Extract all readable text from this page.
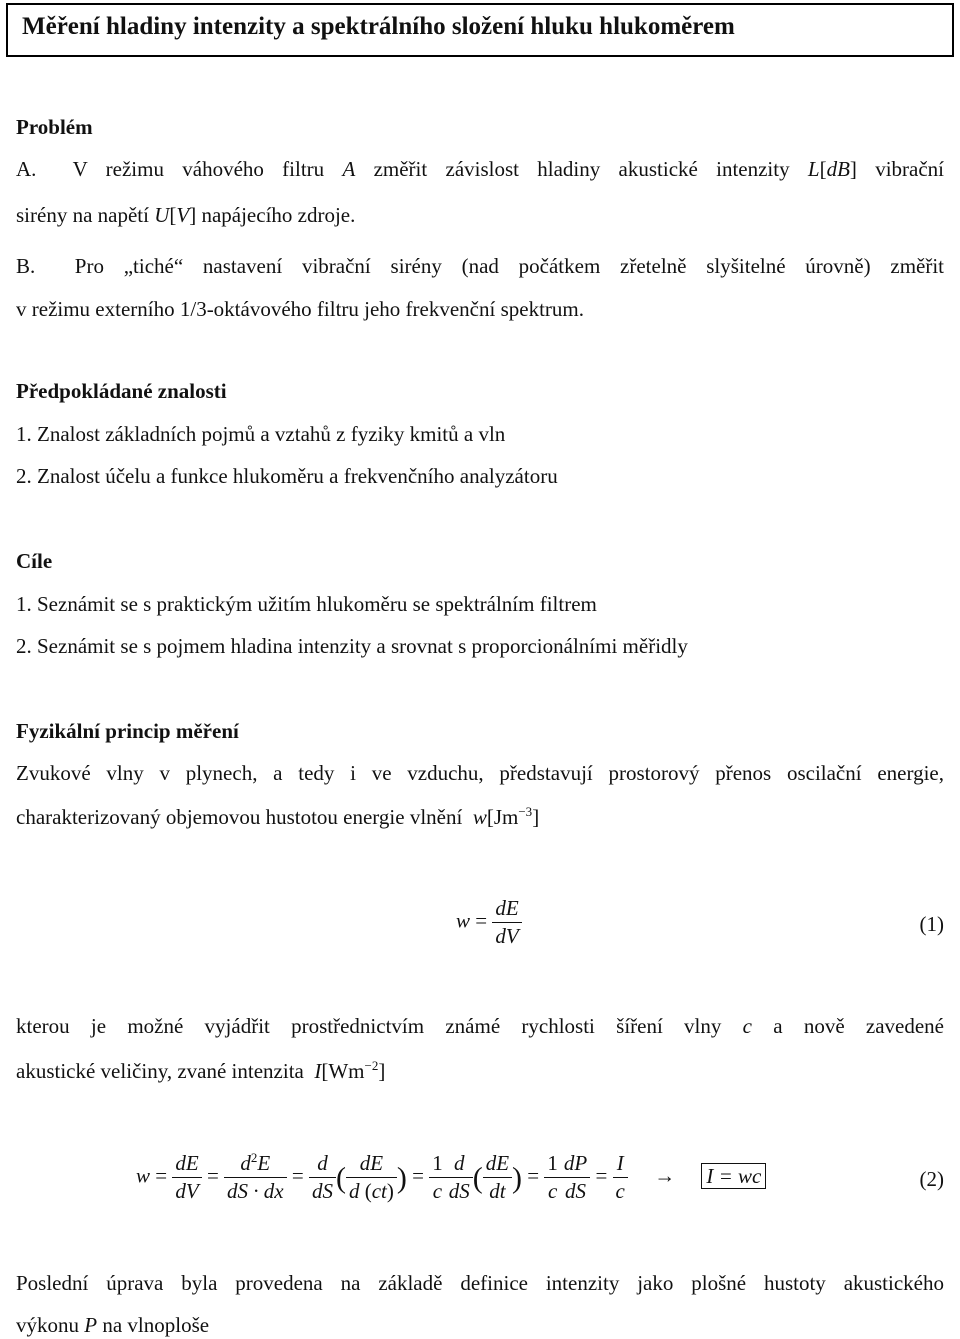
Měření hladiny intenzity a spektrálního složení hluku hlukoměrem
Problém
A. V režimu váhového filtru A změřit závislost hladiny akustické intenzity L[dB] vibrační
sirény na napětí U[V] napájecího zdroje.
B. Pro „tiché“ nastavení vibrační sirény (nad počátkem zřetelně slyšitelné úrovně) změřit
v režimu externího 1/3-oktávového filtru jeho frekvenční spektrum.
Předpokládané znalosti
1. Znalost základních pojmů a vztahů z fyziky kmitů a vln
2. Znalost účelu a funkce hlukoměru a frekvenčního analyzátoru
Cíle
1. Seznámit se s praktickým užitím hlukoměru se spektrálním filtrem
2. Seznámit se s pojmem hladina intenzity a srovnat s proporcionálními měřidly
Fyzikální princip měření
Zvukové vlny v plynech, a tedy i ve vzduchu, představují prostorový přenos oscilační energie,
charakterizovaný objemovou hustotou energie vlnění $w[Jm^{-3}]$
$w = \frac{dE}{dV}$	(1)
kterou je možné vyjádřit prostřednictvím známé rychlosti šíření vlny c a nově zavedené
akustické veličiny, zvané intenzita $I[Wm^{-2}]$
$w = \frac{dE}{dV} = \frac{d^2E}{dS \cdot dx} = \frac{d}{dS}$ ( $\frac{dE}{d (ct)}$ ) = $\frac{1}{c} \frac{d}{dS}$ ( $\frac{dE}{dt}$ ) = $\frac{1}{c} \frac{dP}{dS} = \frac{I}{c}$ →     I = wc	(2)
Poslední úprava byla provedena na základě definice intenzity jako plošné hustoty akustického
výkonu P na vlnoploše
